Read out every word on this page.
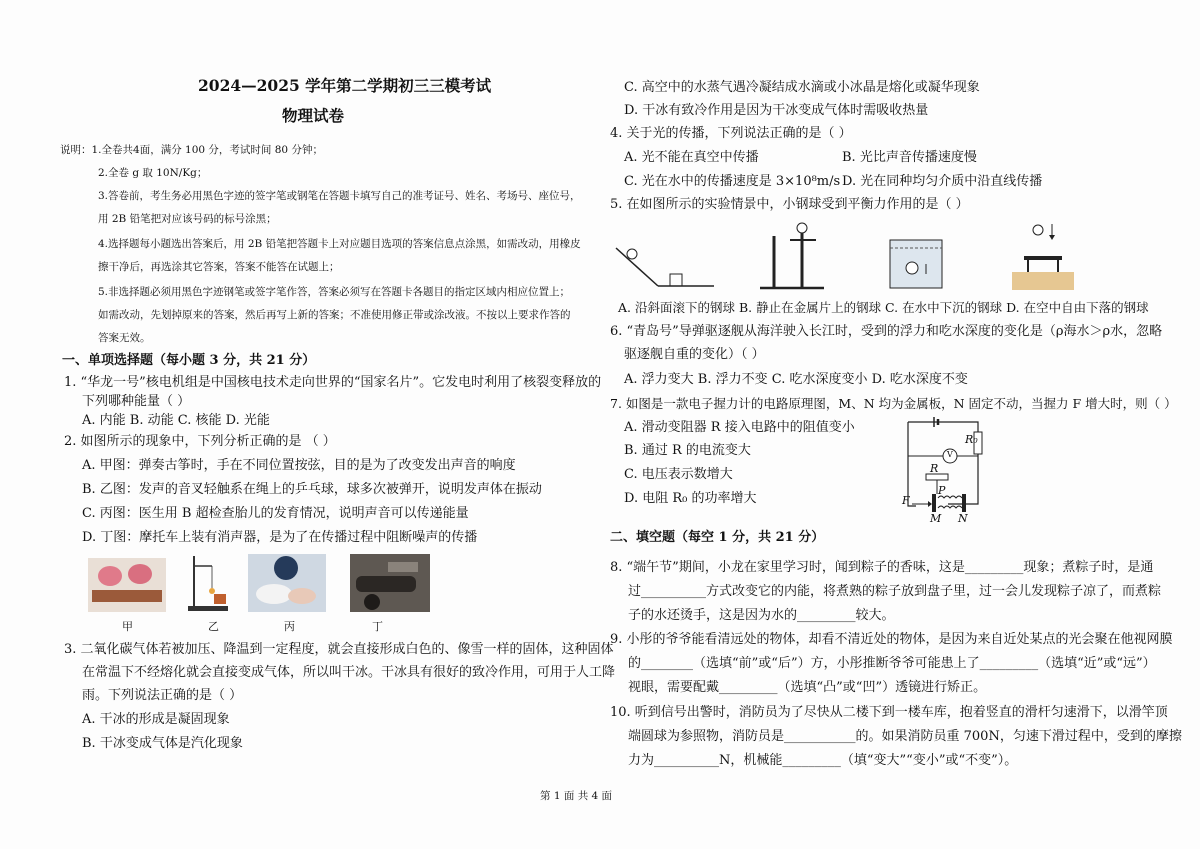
2024—2025 学年第二学期初三三模考试
物理试卷
说明：1.全卷共4面，满分 100 分，考试时间 80 分钟；
2.全卷 g 取 10N/Kg；
3.答卷前，考生务必用黑色字迹的签字笔或钢笔在答题卡填写自己的准考证号、姓名、考场号、座位号，
用 2B 铅笔把对应该号码的标号涂黑；
4.选择题每小题选出答案后，用 2B 铅笔把答题卡上对应题目选项的答案信息点涂黑，如需改动，用橡皮
擦干净后，再选涂其它答案，答案不能答在试题上；
5.非选择题必须用黑色字迹钢笔或签字笔作答，答案必须写在答题卡各题目的指定区域内相应位置上；
如需改动，先划掉原来的答案，然后再写上新的答案；不准使用修正带或涂改液。不按以上要求作答的
答案无效。
一、单项选择题（每小题 3 分，共 21 分）
1. “华龙一号”核电机组是中国核电技术走向世界的“国家名片”。它发电时利用了核裂变释放的
下列哪种能量（ ）
A. 内能 B. 动能 C. 核能 D. 光能
2. 如图所示的现象中，下列分析正确的是 （ ）
A. 甲图：弹奏古筝时，手在不同位置按弦，目的是为了改变发出声音的响度
B. 乙图：发声的音叉轻触系在绳上的乒乓球，球多次被弹开，说明发声体在振动
C. 丙图：医生用 B 超检查胎儿的发育情况，说明声音可以传递能量
D. 丁图：摩托车上装有消声器，是为了在传播过程中阻断噪声的传播
甲	乙	丙	丁
3. 二氧化碳气体若被加压、降温到一定程度，就会直接形成白色的、像雪一样的固体，这种固体
在常温下不经熔化就会直接变成气体，所以叫干冰。干冰具有很好的致冷作用，可用于人工降
雨。下列说法正确的是（ ）
A. 干冰的形成是凝固现象
B. 干冰变成气体是汽化现象
C. 高空中的水蒸气遇冷凝结成水滴或小冰晶是熔化或凝华现象
D. 干冰有致冷作用是因为干冰变成气体时需吸收热量
4. 关于光的传播，下列说法正确的是（ ）
A. 光不能在真空中传播	B. 光比声音传播速度慢
C. 光在水中的传播速度是 3×10⁸m/s D. 光在同种均匀介质中沿直线传播
5. 在如图所示的实验情景中，小钢球受到平衡力作用的是（ ）
A. 沿斜面滚下的钢球 B. 静止在金属片上的钢球 C. 在水中下沉的钢球 D. 在空中自由下落的钢球
6. “青岛号”导弹驱逐舰从海洋驶入长江时，受到的浮力和吃水深度的变化是（ρ海水＞ρ水，忽略
驱逐舰自重的变化）（ ）
A. 浮力变大 B. 浮力不变 C. 吃水深度变小 D. 吃水深度不变
7. 如图是一款电子握力计的电路原理图，M、N 均为金属板，N 固定不动，当握力 F 增大时，则（ ）
A. 滑动变阻器 R 接入电路中的阻值变小
B. 通过 R 的电流变大
C. 电压表示数增大
D. 电阻 R₀ 的功率增大
R₀
V
R
P
F
M N
二、填空题（每空 1 分，共 21 分）
8. “端午节”期间，小龙在家里学习时，闻到粽子的香味，这是_________现象；煮粽子时，是通
过__________方式改变它的内能，将煮熟的粽子放到盘子里，过一会儿发现粽子凉了，而煮粽
子的水还烫手，这是因为水的_________较大。
9. 小彤的爷爷能看清远处的物体，却看不清近处的物体，是因为来自近处某点的光会聚在他视网膜
的________（选填“前”或“后”）方，小彤推断爷爷可能患上了_________（选填“近”或“远”）
视眼，需要配戴_________（选填“凸”或“凹”）透镜进行矫正。
10. 听到信号出警时，消防员为了尽快从二楼下到一楼车库，抱着竖直的滑杆匀速滑下，以滑竿顶
端圆球为参照物，消防员是___________的。如果消防员重 700N，匀速下滑过程中，受到的摩擦
力为__________N，机械能_________（填“变大”“变小”或“不变”）。
第 1 面 共 4 面
